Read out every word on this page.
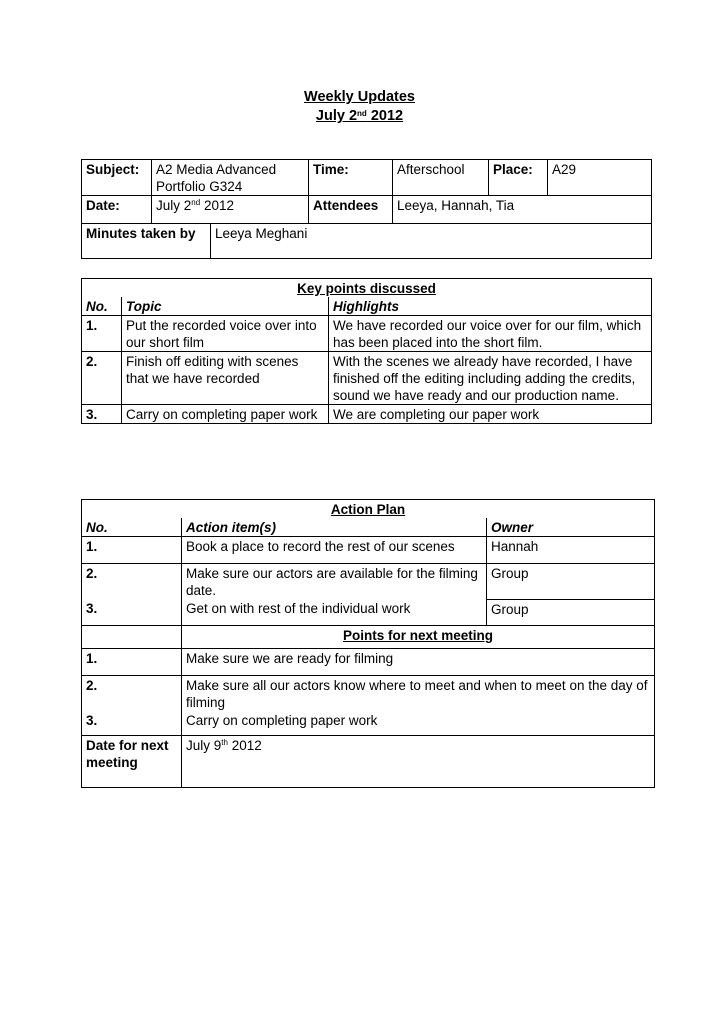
Weekly Updates
July 2nd 2012
Subject:	A2 Media Advanced Portfolio G324	Time:	Afterschool	Place:	A29
Date:	July 2nd 2012	Attendees	Leeya, Hannah, Tia		
Minutes taken by	Leeya Meghani
Key points discussed		
No.	Topic	Highlights
1.	Put the recorded voice over into our short film	We have recorded our voice over for our film, which has been placed into the short film.
2.	Finish off editing with scenes that we have recorded	With the scenes we already have recorded, I have finished off the editing including adding the credits, sound we have ready and our production name.
3.	Carry on completing paper work	We are completing our paper work
Action Plan		
No.	Action item(s)	Owner
1.	Book a place to record the rest of our scenes	Hannah
2.	Make sure our actors are available for the filming date.	Group
3.	Get on with rest of the individual work	Group
	Points for next meeting	
1.	Make sure we are ready for filming	
2.	Make sure all our actors know where to meet and when to meet on the day of filming	
3.	Carry on completing paper work	
Date for next meeting	July 9th 2012	
